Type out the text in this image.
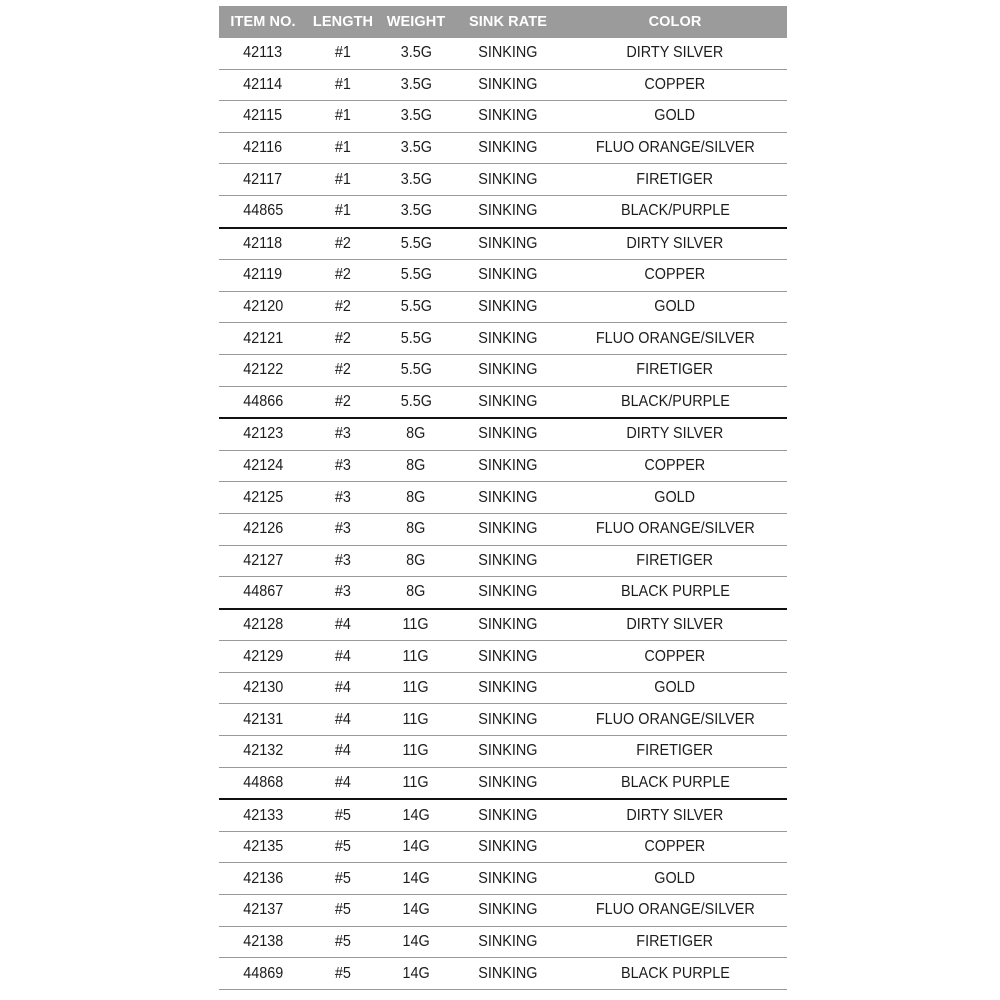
ITEM NO.	LENGTH	WEIGHT	SINK RATE	COLOR
42113	#1	3.5G	SINKING	DIRTY SILVER
42114	#1	3.5G	SINKING	COPPER
42115	#1	3.5G	SINKING	GOLD
42116	#1	3.5G	SINKING	FLUO ORANGE/SILVER
42117	#1	3.5G	SINKING	FIRETIGER
44865	#1	3.5G	SINKING	BLACK/PURPLE
42118	#2	5.5G	SINKING	DIRTY SILVER
42119	#2	5.5G	SINKING	COPPER
42120	#2	5.5G	SINKING	GOLD
42121	#2	5.5G	SINKING	FLUO ORANGE/SILVER
42122	#2	5.5G	SINKING	FIRETIGER
44866	#2	5.5G	SINKING	BLACK/PURPLE
42123	#3	8G	SINKING	DIRTY SILVER
42124	#3	8G	SINKING	COPPER
42125	#3	8G	SINKING	GOLD
42126	#3	8G	SINKING	FLUO ORANGE/SILVER
42127	#3	8G	SINKING	FIRETIGER
44867	#3	8G	SINKING	BLACK PURPLE
42128	#4	11G	SINKING	DIRTY SILVER
42129	#4	11G	SINKING	COPPER
42130	#4	11G	SINKING	GOLD
42131	#4	11G	SINKING	FLUO ORANGE/SILVER
42132	#4	11G	SINKING	FIRETIGER
44868	#4	11G	SINKING	BLACK PURPLE
42133	#5	14G	SINKING	DIRTY SILVER
42135	#5	14G	SINKING	COPPER
42136	#5	14G	SINKING	GOLD
42137	#5	14G	SINKING	FLUO ORANGE/SILVER
42138	#5	14G	SINKING	FIRETIGER
44869	#5	14G	SINKING	BLACK PURPLE
